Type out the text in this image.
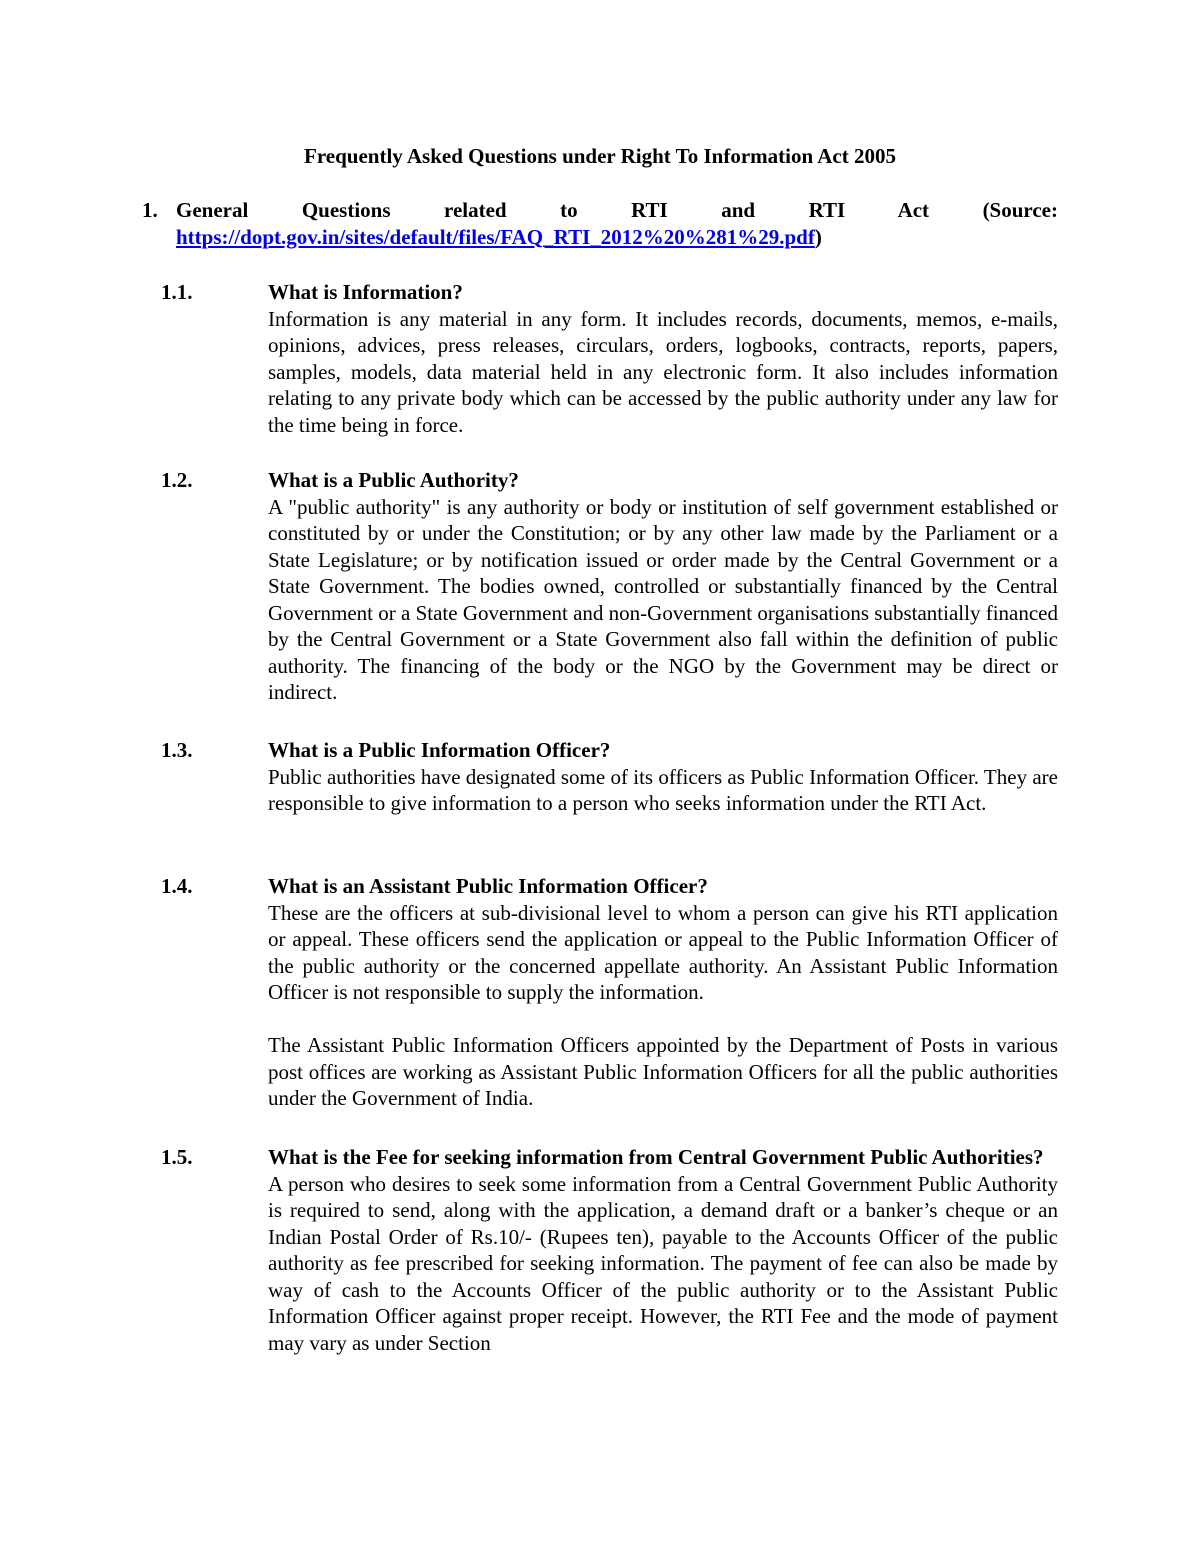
Frequently Asked Questions under Right To Information Act 2005
1. General Questions related to RTI and RTI Act (Source:
https://dopt.gov.in/sites/default/files/FAQ_RTI_2012%20%281%29.pdf)
1.1.	What is Information?

Information is any material in any form. It includes records, documents, memos, e-mails, opinions, advices, press releases, circulars, orders, logbooks, contracts, reports, papers, samples, models, data material held in any electronic form. It also includes information relating to any private body which can be accessed by the public authority under any law for the time being in force.

1.2.	What is a Public Authority?

A "public authority" is any authority or body or institution of self government established or constituted by or under the Constitution; or by any other law made by the Parliament or a State Legislature; or by notification issued or order made by the Central Government or a State Government. The bodies owned, controlled or substantially financed by the Central Government or a State Government and non-Government organisations substantially financed by the Central Government or a State Government also fall within the definition of public authority. The financing of the body or the NGO by the Government may be direct or indirect.

1.3.	What is a Public Information Officer?

Public authorities have designated some of its officers as Public Information Officer. They are responsible to give information to a person who seeks information under the RTI Act.

1.4.	What is an Assistant Public Information Officer?

These are the officers at sub-divisional level to whom a person can give his RTI application or appeal. These officers send the application or appeal to the Public Information Officer of the public authority or the concerned appellate authority. An Assistant Public Information Officer is not responsible to supply the information.

The Assistant Public Information Officers appointed by the Department of Posts in various post offices are working as Assistant Public Information Officers for all the public authorities under the Government of India.

1.5.	What is the Fee for seeking information from Central Government Public Authorities?

A person who desires to seek some information from a Central Government Public Authority is required to send, along with the application, a demand draft or a banker’s cheque or an Indian Postal Order of Rs.10/- (Rupees ten), payable to the Accounts Officer of the public authority as fee prescribed for seeking information. The payment of fee can also be made by way of cash to the Accounts Officer of the public authority or to the Assistant Public Information Officer against proper receipt. However, the RTI Fee and the mode of payment may vary as under Section
